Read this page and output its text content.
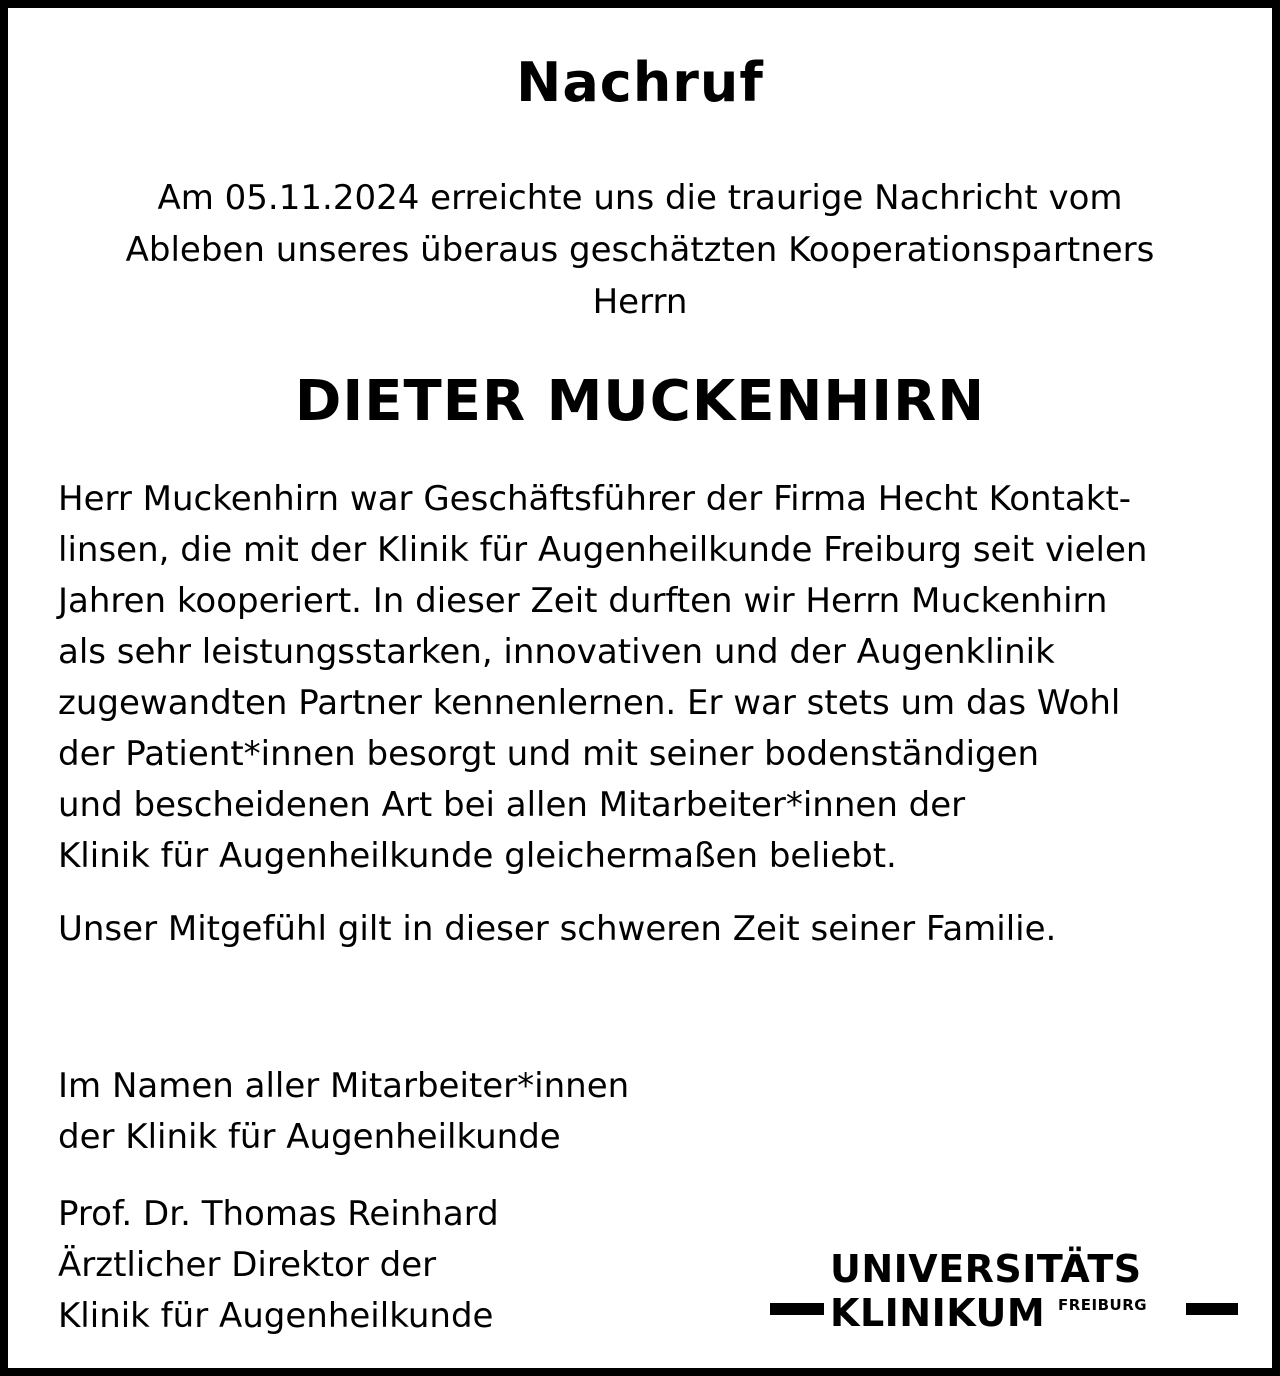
Nachruf
Am 05.11.2024 erreichte uns die traurige Nachricht vom
Ableben unseres überaus geschätzten Kooperationspartners
Herrn
DIETER MUCKENHIRN
Herr Muckenhirn war Geschäftsführer der Firma Hecht Kontakt-
linsen, die mit der Klinik für Augenheilkunde Freiburg seit vielen
Jahren kooperiert. In dieser Zeit durften wir Herrn Muckenhirn
als sehr leistungsstarken, innovativen und der Augenklinik
zugewandten Partner kennenlernen. Er war stets um das Wohl
der Patient*innen besorgt und mit seiner bodenständigen
und bescheidenen Art bei allen Mitarbeiter*innen der
Klinik für Augenheilkunde gleichermaßen beliebt.
Unser Mitgefühl gilt in dieser schweren Zeit seiner Familie.
Im Namen aller Mitarbeiter*innen
der Klinik für Augenheilkunde
Prof. Dr. Thomas Reinhard
Ärztlicher Direktor der
Klinik für Augenheilkunde
UNIVERSITÄTS
KLINIKUM FREIBURG
